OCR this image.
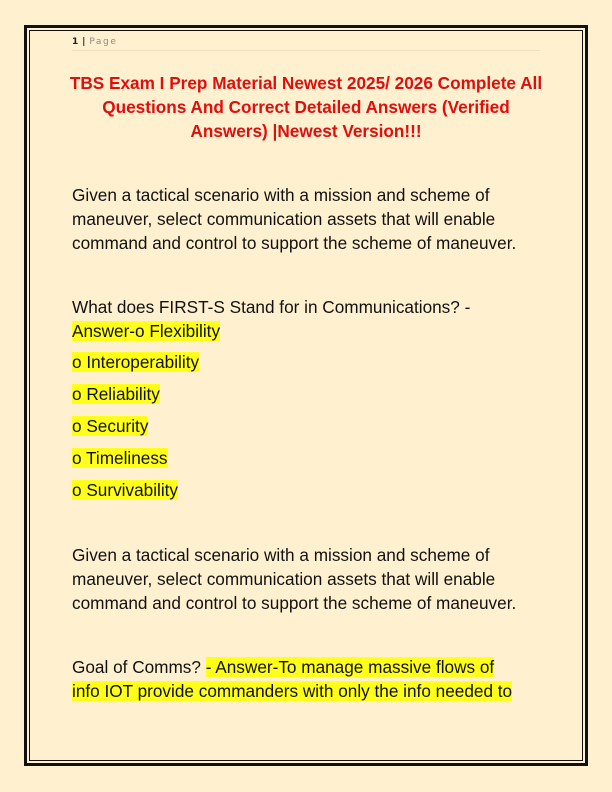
1 | Page
TBS Exam I Prep Material Newest 2025/ 2026 Complete All Questions And Correct Detailed Answers (Verified Answers) |Newest Version!!!
Given a tactical scenario with a mission and scheme of maneuver, select communication assets that will enable command and control to support the scheme of maneuver.
What does FIRST-S Stand for in Communications? -
Answer-o Flexibility
o Interoperability
o Reliability
o Security
o Timeliness
o Survivability
Given a tactical scenario with a mission and scheme of maneuver, select communication assets that will enable command and control to support the scheme of maneuver.
Goal of Comms? - Answer-To manage massive flows of
info IOT provide commanders with only the info needed to
